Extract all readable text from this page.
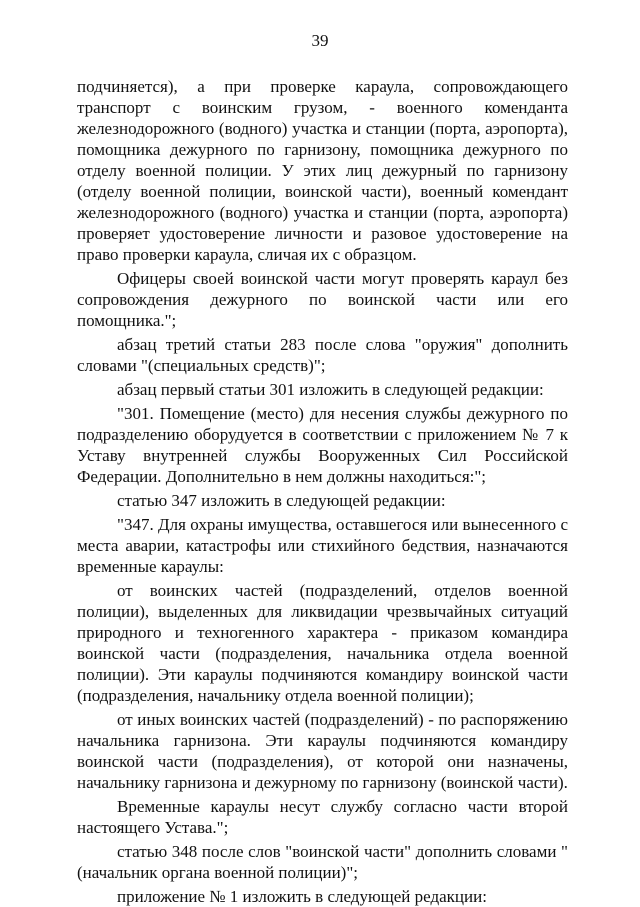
39

подчиняется), а при проверке караула, сопровождающего транспорт с воинским грузом, - военного коменданта железнодорожного (водного) участка и станции (порта, аэропорта), помощника дежурного по гарнизону, помощника дежурного по отделу военной полиции. У этих лиц дежурный по гарнизону (отделу военной полиции, воинской части), военный комендант железнодорожного (водного) участка и станции (порта, аэропорта) проверяет удостоверение личности и разовое удостоверение на право проверки караула, сличая их с образцом.

Офицеры своей воинской части могут проверять караул без сопровождения дежурного по воинской части или его помощника.";

абзац третий статьи 283 после слова "оружия" дополнить словами "(специальных средств)";

абзац первый статьи 301 изложить в следующей редакции:

"301. Помещение (место) для несения службы дежурного по подразделению оборудуется в соответствии с приложением № 7 к Уставу внутренней службы Вооруженных Сил Российской Федерации. Дополнительно в нем должны находиться:";

статью 347 изложить в следующей редакции:

"347. Для охраны имущества, оставшегося или вынесенного с места аварии, катастрофы или стихийного бедствия, назначаются временные караулы:

от воинских частей (подразделений, отделов военной полиции), выделенных для ликвидации чрезвычайных ситуаций природного и техногенного характера - приказом командира воинской части (подразделения, начальника отдела военной полиции). Эти караулы подчиняются командиру воинской части (подразделения, начальнику отдела военной полиции);

от иных воинских частей (подразделений) - по распоряжению начальника гарнизона. Эти караулы подчиняются командиру воинской части (подразделения), от которой они назначены, начальнику гарнизона и дежурному по гарнизону (воинской части).

Временные караулы несут службу согласно части второй настоящего Устава.";

статью 348 после слов "воинской части" дополнить словами "(начальник органа военной полиции)";

приложение № 1 изложить в следующей редакции:
